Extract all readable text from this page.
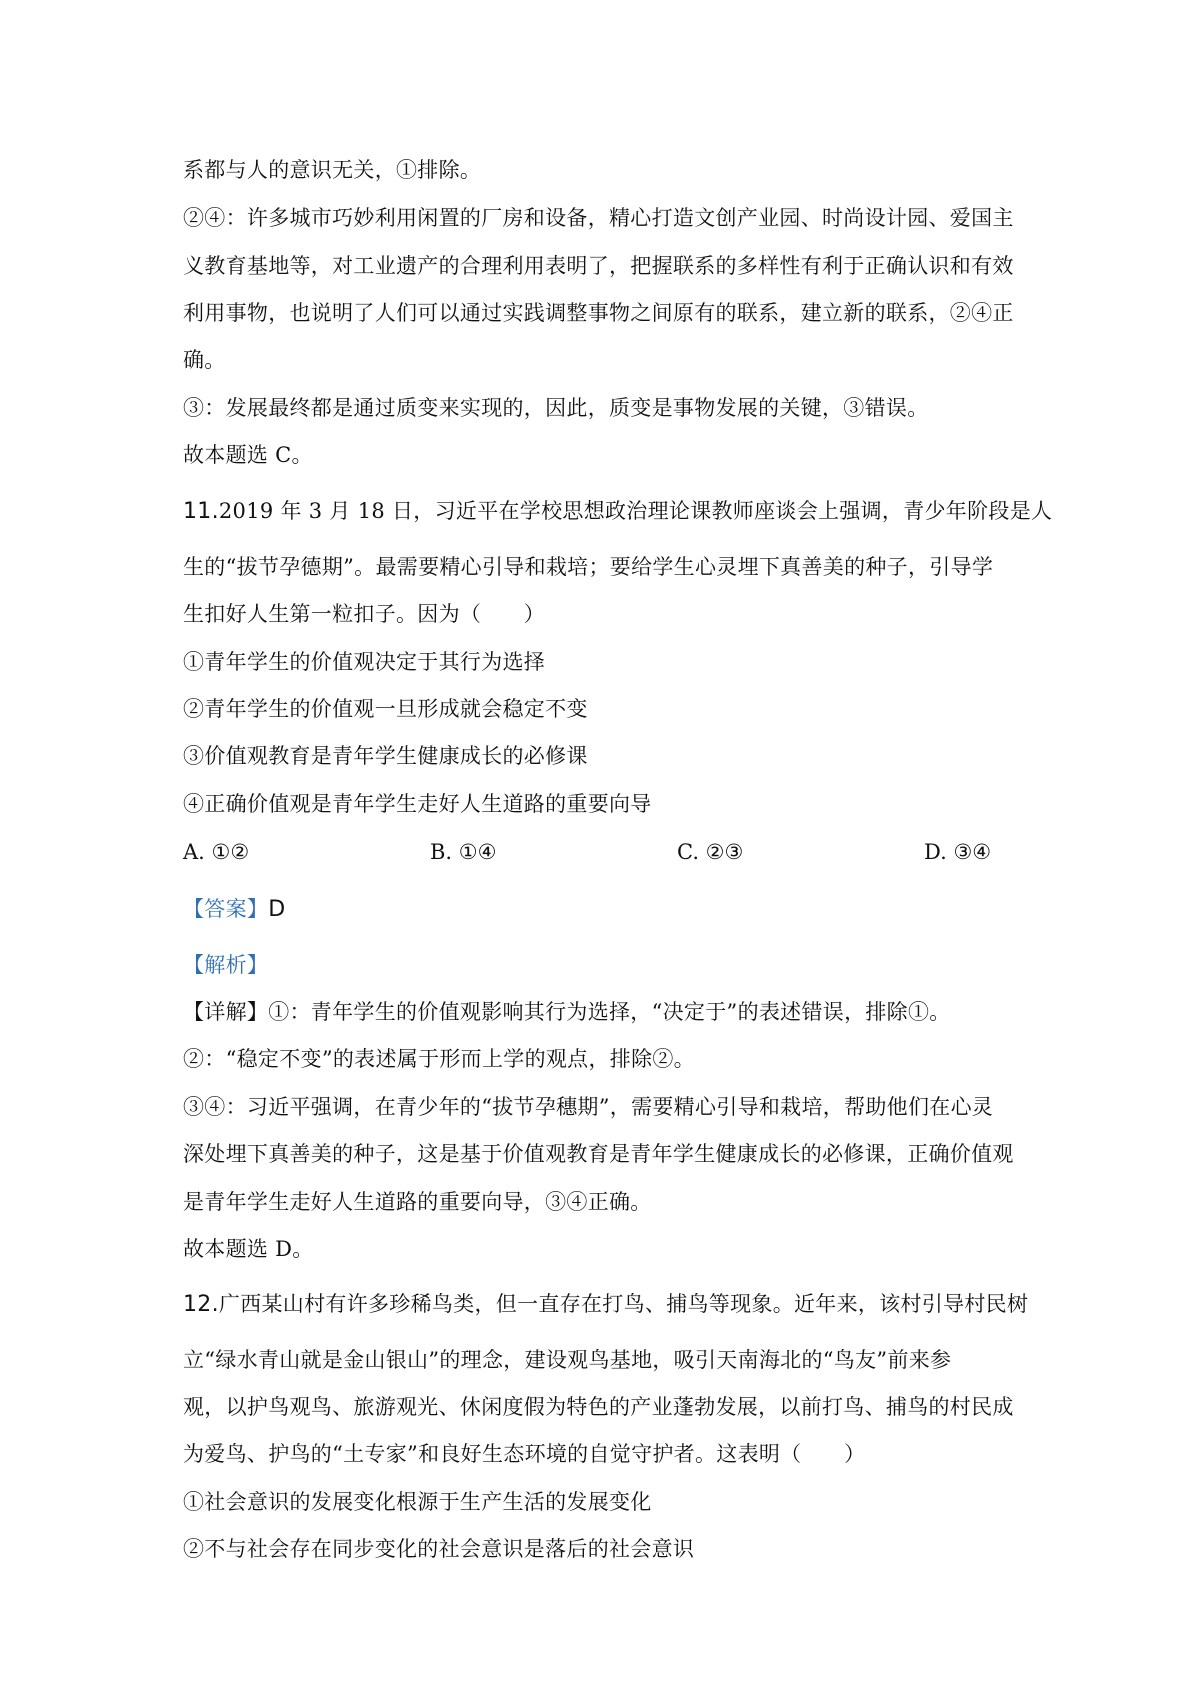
系都与人的意识无关，①排除。
②④：许多城市巧妙利用闲置的厂房和设备，精心打造文创产业园、时尚设计园、爱国主
义教育基地等，对工业遗产的合理利用表明了，把握联系的多样性有利于正确认识和有效
利用事物，也说明了人们可以通过实践调整事物之间原有的联系，建立新的联系，②④正
确。
③：发展最终都是通过质变来实现的，因此，质变是事物发展的关键，③错误。
故本题选 C。
11.2019 年 3 月 18 日，习近平在学校思想政治理论课教师座谈会上强调，青少年阶段是人
生的“拔节孕德期”。最需要精心引导和栽培；要给学生心灵埋下真善美的种子，引导学
生扣好人生第一粒扣子。因为（　　）
①青年学生的价值观决定于其行为选择
②青年学生的价值观一旦形成就会稳定不变
③价值观教育是青年学生健康成长的必修课
④正确价值观是青年学生走好人生道路的重要向导
A. ①②	B. ①④	C. ②③	D. ③④
【答案】D
【解析】
【详解】①：青年学生的价值观影响其行为选择，“决定于”的表述错误，排除①。
②：“稳定不变”的表述属于形而上学的观点，排除②。
③④：习近平强调，在青少年的“拔节孕穗期”，需要精心引导和栽培，帮助他们在心灵
深处埋下真善美的种子，这是基于价值观教育是青年学生健康成长的必修课，正确价值观
是青年学生走好人生道路的重要向导，③④正确。
故本题选 D。
12.广西某山村有许多珍稀鸟类，但一直存在打鸟、捕鸟等现象。近年来，该村引导村民树
立“绿水青山就是金山银山”的理念，建设观鸟基地，吸引天南海北的“鸟友”前来参
观，以护鸟观鸟、旅游观光、休闲度假为特色的产业蓬勃发展，以前打鸟、捕鸟的村民成
为爱鸟、护鸟的“土专家”和良好生态环境的自觉守护者。这表明（　　）
①社会意识的发展变化根源于生产生活的发展变化
②不与社会存在同步变化的社会意识是落后的社会意识
